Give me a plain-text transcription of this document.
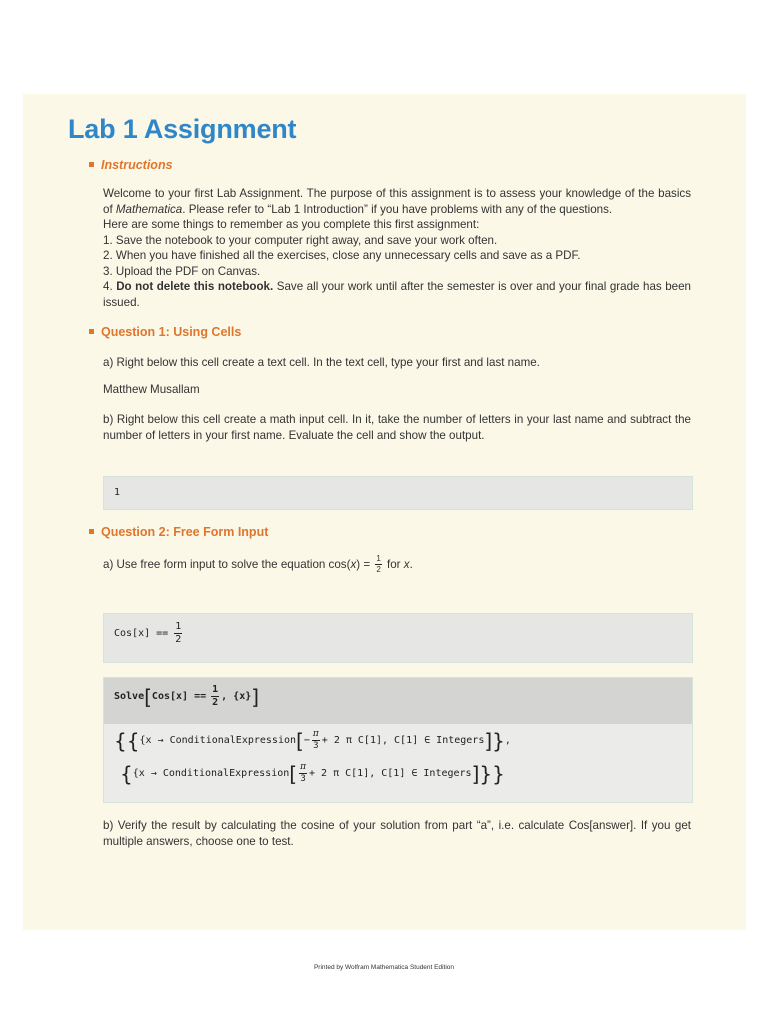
Lab 1 Assignment
Instructions

Welcome to your first Lab Assignment. The purpose of this assignment is to assess your knowledge of the basics of Mathematica. Please refer to “Lab 1 Introduction” if you have problems with any of the questions.

Here are some things to remember as you complete this first assignment:

1. Save the notebook to your computer right away, and save your work often.

2. When you have finished all the exercises, close any unnecessary cells and save as a PDF.

3. Upload the PDF on Canvas.

4. Do not delete this notebook. Save all your work until after the semester is over and your final grade has been issued.

Question 1: Using Cells
a) Right below this cell create a text cell. In the text cell, type your first and last name.
Matthew Musallam
b) Right below this cell create a math input cell. In it, take the number of letters in your last name and subtract the number of letters in your first name. Evaluate the cell and show the output.
1
Question 2: Free Form Input
a) Use free form input to solve the equation cos( x ) = $\frac{1}{2}$ for x .
$Cos[x] == \frac{1}{2}$
Solve [ $Cos[x] == \frac{1}{2}$ , {x} ]
{ { {x → ConditionalExpression [ − $\frac{\pi}{3} + 2$ π C[1], C[1] ∈ Integers ] } ,
{ {x → ConditionalExpression [ $\frac{\pi}{3} + 2$ π C[1], C[1] ∈ Integers ] } }
b) Verify the result by calculating the cosine of your solution from part “a”, i.e. calculate Cos[answer]. If you get multiple answers, choose one to test.
Printed by Wolfram Mathematica Student Edition
